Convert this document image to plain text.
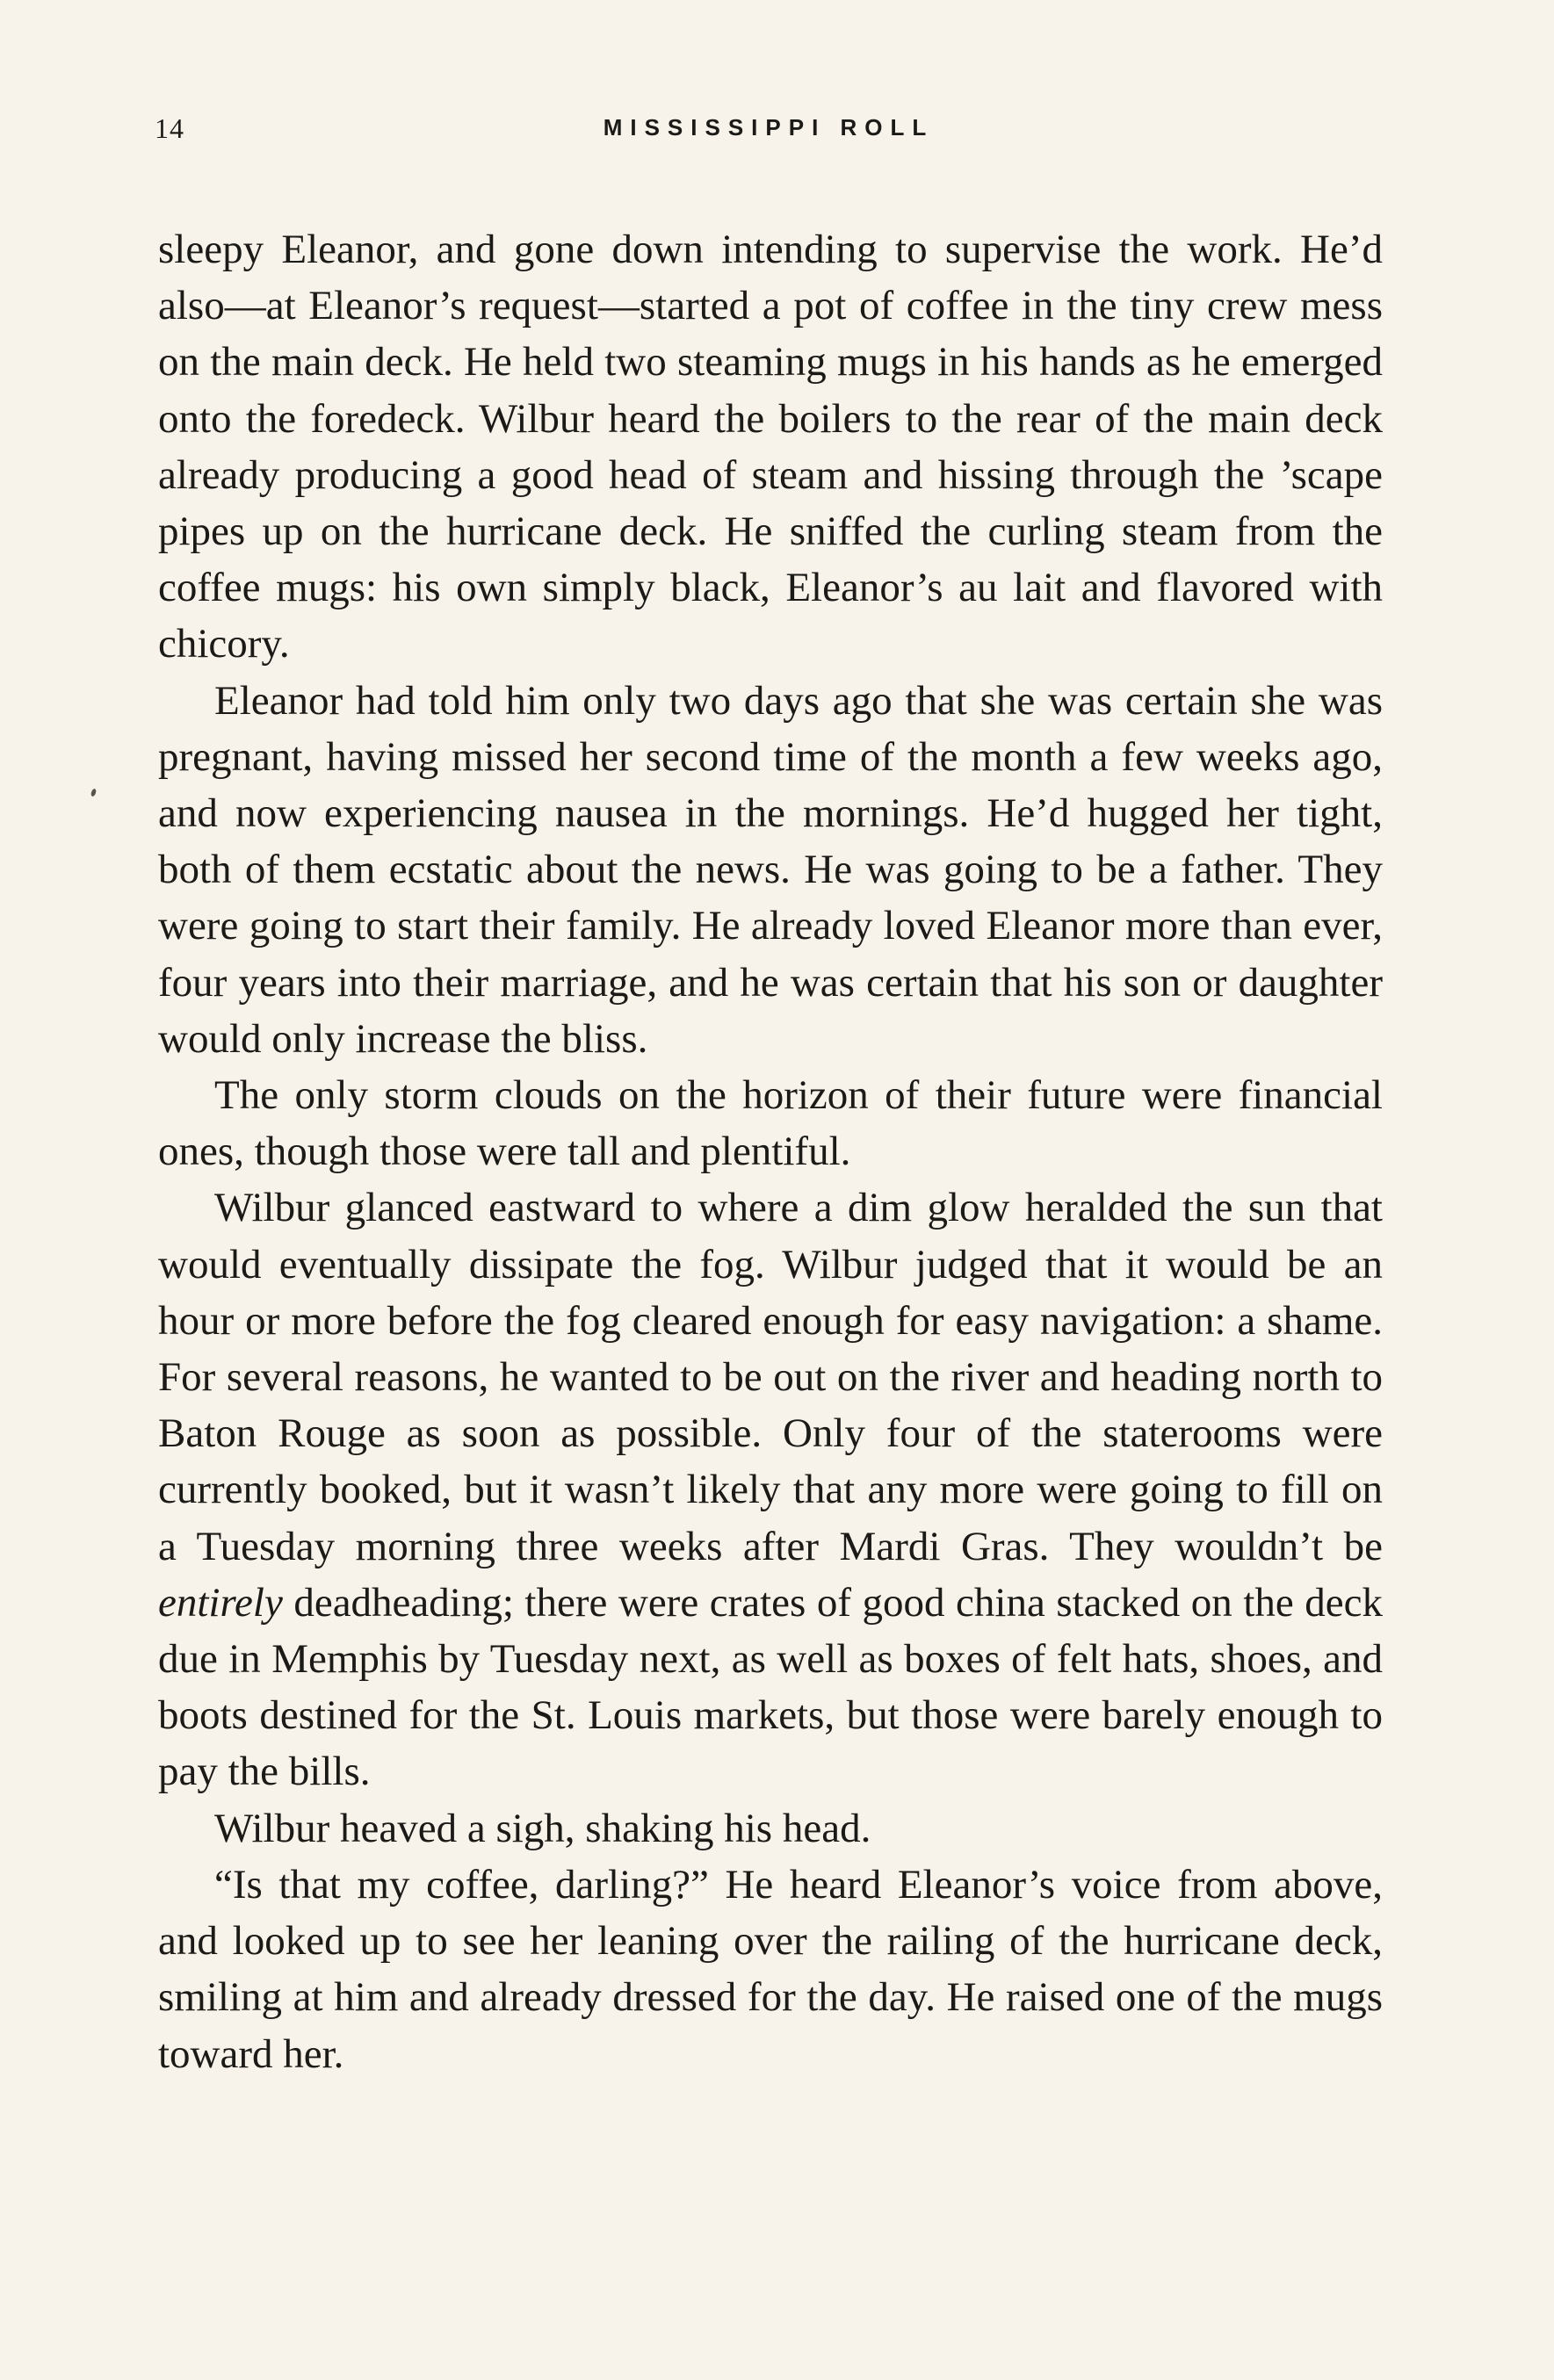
14	MISSISSIPPI ROLL

sleepy Eleanor, and gone down intending to supervise the work. He’d also—at Eleanor’s request—started a pot of coffee in the tiny crew mess on the main deck. He held two steaming mugs in his hands as he emerged onto the foredeck. Wilbur heard the boilers to the rear of the main deck already producing a good head of steam and hissing through the ’scape pipes up on the hurricane deck. He sniffed the curling steam from the coffee mugs: his own simply black, Eleanor’s au lait and flavored with chicory.

Eleanor had told him only two days ago that she was certain she was pregnant, having missed her second time of the month a few weeks ago, and now experiencing nausea in the mornings. He’d hugged her tight, both of them ecstatic about the news. He was going to be a father. They were going to start their family. He already loved Eleanor more than ever, four years into their marriage, and he was certain that his son or daughter would only increase the bliss.

The only storm clouds on the horizon of their future were financial ones, though those were tall and plentiful.

Wilbur glanced eastward to where a dim glow heralded the sun that would eventually dissipate the fog. Wilbur judged that it would be an hour or more before the fog cleared enough for easy navigation: a shame. For several reasons, he wanted to be out on the river and heading north to Baton Rouge as soon as possible. Only four of the staterooms were currently booked, but it wasn’t likely that any more were going to fill on a Tuesday morning three weeks after Mardi Gras. They wouldn’t be entirely deadheading; there were crates of good china stacked on the deck due in Memphis by Tuesday next, as well as boxes of felt hats, shoes, and boots destined for the St. Louis markets, but those were barely enough to pay the bills.

Wilbur heaved a sigh, shaking his head.

“Is that my coffee, darling?” He heard Eleanor’s voice from above, and looked up to see her leaning over the railing of the hurricane deck, smiling at him and already dressed for the day. He raised one of the mugs toward her.
